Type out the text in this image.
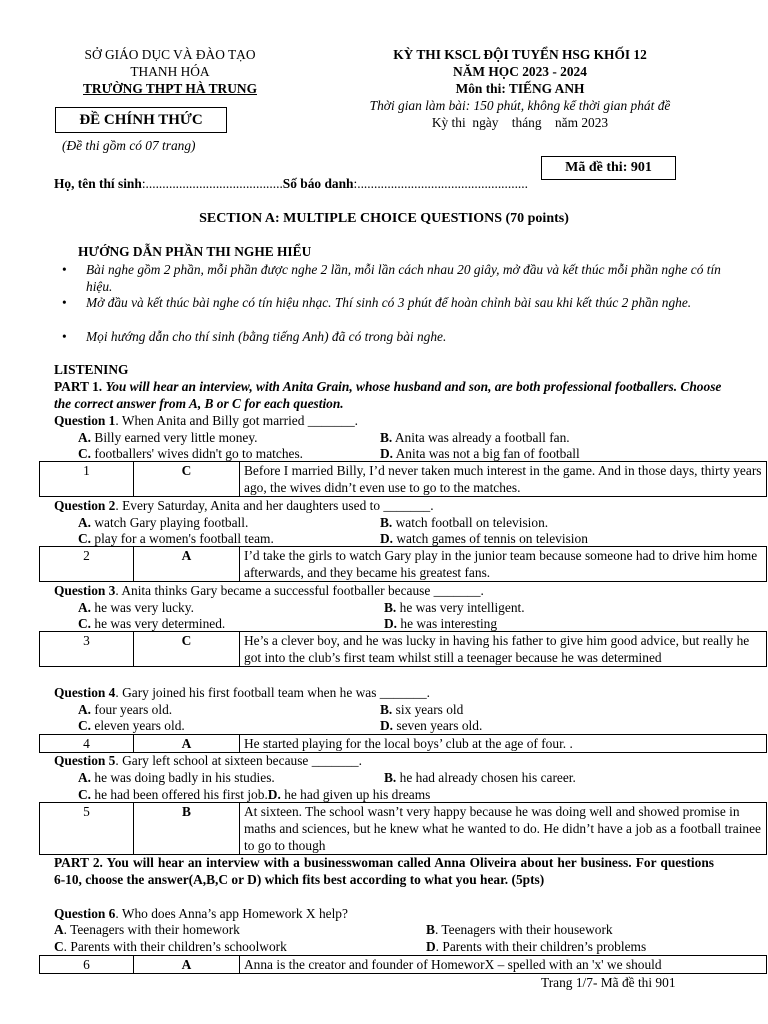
SỞ GIÁO DỤC VÀ ĐÀO TẠO
THANH HÓA
TRƯỜNG THPT HÀ TRUNG
ĐỀ CHÍNH THỨC
(Đề thi gồm có 07 trang)
KỲ THI KSCL ĐỘI TUYỂN HSG KHỐI 12
NĂM HỌC 2023 - 2024
Môn thi: TIẾNG ANH
Thời gian làm bài: 150 phút, không kể thời gian phát đề
Kỳ thi  ngày    tháng    năm 2023
Mã đề thi: 901
Họ, tên thí sinh:.........................................Số báo danh:...................................................
SECTION A: MULTIPLE CHOICE QUESTIONS (70 points)
HƯỚNG DẪN PHẦN THI NGHE HIỂU
• Bài nghe gồm 2 phần, mỗi phần được nghe 2 lần, mỗi lần cách nhau 20 giây, mở đầu và kết thúc mỗi phần nghe có tín hiệu.
• Mở đầu và kết thúc bài nghe có tín hiệu nhạc. Thí sinh có 3 phút để hoàn chỉnh bài sau khi kết thúc 2 phần nghe.
• Mọi hướng dẫn cho thí sinh (bằng tiếng Anh) đã có trong bài nghe.
LISTENING
PART 1. You will hear an interview, with Anita Grain, whose husband and son, are both professional footballers. Choose the correct answer from A, B or C for each question.
Question 1. When Anita and Billy got married _______.
A. Billy earned very little money.	B. Anita was already a football fan.
C. footballers' wives didn't go to matches.	D. Anita was not a big fan of football
1	C	Before I married Billy, I’d never taken much interest in the game. And in those days, thirty years ago, the wives didn’t even use to go to the matches.
Question 2. Every Saturday, Anita and her daughters used to _______.
A. watch Gary playing football.	B. watch football on television.
C. play for a women's football team.	D. watch games of tennis on television
2	A	I’d take the girls to watch Gary play in the junior team because someone had to drive him home afterwards, and they became his greatest fans.
Question 3. Anita thinks Gary became a successful footballer because _______.
A. he was very lucky.	B. he was very intelligent.
C. he was very determined.	D. he was interesting
3	C	He’s a clever boy, and he was lucky in having his father to give him good advice, but really he got into the club’s first team whilst still a teenager because he was determined
Question 4. Gary joined his first football team when he was _______.
A. four years old.	B. six years old
C. eleven years old.	D. seven years old.
4	A	He started playing for the local boys’ club at the age of four. .
Question 5. Gary left school at sixteen because _______.
A. he was doing badly in his studies.	B. he had already chosen his career.
C. he had been offered his first job.D. he had given up his dreams
5	B	At sixteen. The school wasn’t very happy because he was doing well and showed promise in maths and sciences, but he knew what he wanted to do. He didn’t have a job as a football trainee to go to though
PART 2. You will hear an interview with a businesswoman called Anna Oliveira about her business. For questions 6-10, choose the answer(A,B,C or D) which fits best according to what you hear. (5pts)
Question 6. Who does Anna’s app Homework X help?
A. Teenagers with their homework	B. Teenagers with their housework
C. Parents with their children’s schoolwork	D. Parents with their children’s problems
6	A	Anna is the creator and founder of HomeworX – spelled with an 'x' we should
Trang 1/7- Mã đề thi 901
